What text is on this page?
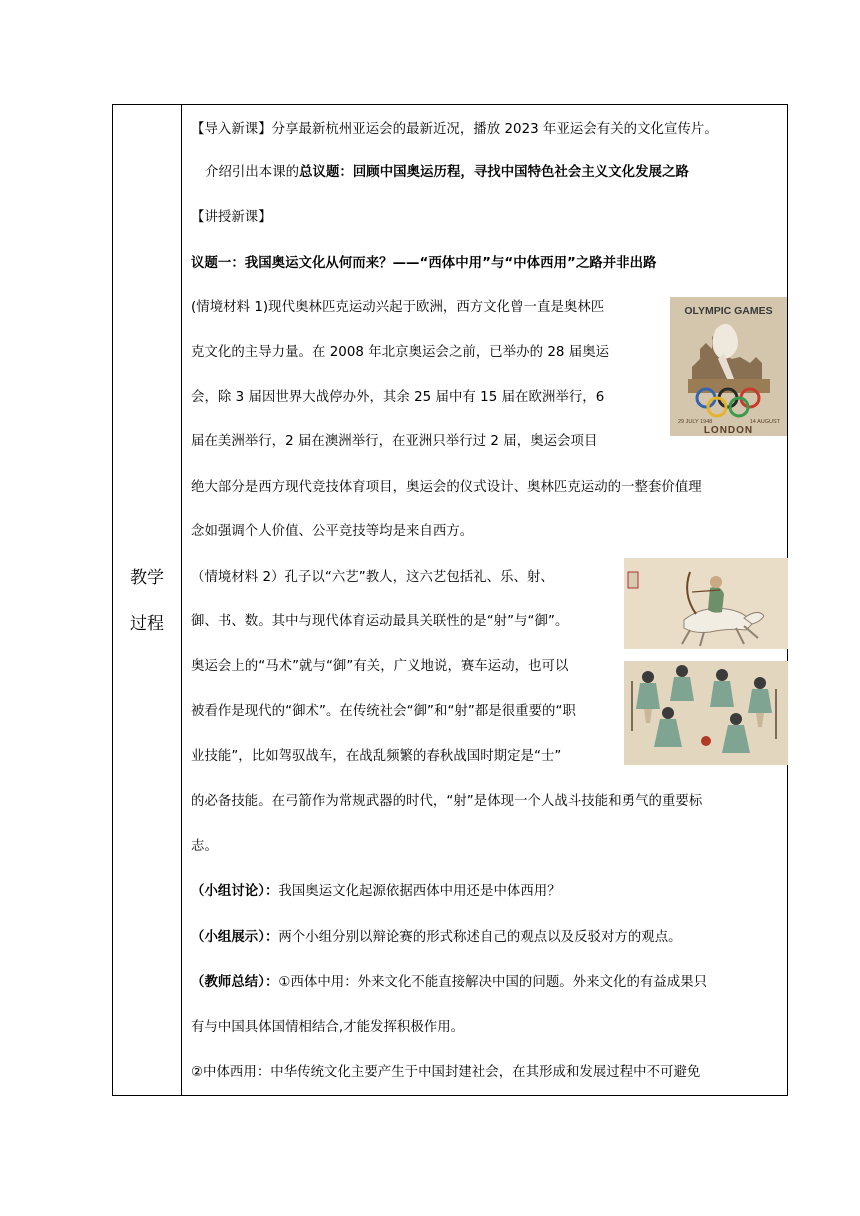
教学
过程
【导入新课】分享最新杭州亚运会的最新近况，播放 2023 年亚运会有关的文化宣传片。
介绍引出本课的总议题：回顾中国奥运历程，寻找中国特色社会主义文化发展之路
【讲授新课】
议题一：我国奥运文化从何而来？——“西体中用”与“中体西用”之路并非出路
(情境材料 1)现代奥林匹克运动兴起于欧洲，西方文化曾一直是奥林匹
克文化的主导力量。在 2008 年北京奥运会之前，已举办的 28 届奥运
会，除 3 届因世界大战停办外，其余 25 届中有 15 届在欧洲举行，6
届在美洲举行，2 届在澳洲举行，在亚洲只举行过 2 届，奥运会项目
绝大部分是西方现代竞技体育项目，奥运会的仪式设计、奥林匹克运动的一整套价值理
念如强调个人价值、公平竞技等均是来自西方。
OLYMPIC GAMES
29 JULY 1948	14 AUGUST
LONDON
（情境材料 2）孔子以“六艺”教人，这六艺包括礼、乐、射、
御、书、数。其中与现代体育运动最具关联性的是“射”与“御”。
奥运会上的“马术”就与“御”有关，广义地说，赛车运动，也可以
被看作是现代的“御术”。在传统社会“御”和“射”都是很重要的“职
业技能”，比如驾驭战车，在战乱频繁的春秋战国时期定是“士”
的必备技能。在弓箭作为常规武器的时代，“射”是体现一个人战斗技能和勇气的重要标
志。
（小组讨论）：我国奥运文化起源依据西体中用还是中体西用？
（小组展示）：两个小组分别以辩论赛的形式称述自己的观点以及反驳对方的观点。
（教师总结）：①西体中用：外来文化不能直接解决中国的问题。外来文化的有益成果只
有与中国具体国情相结合,才能发挥积极作用。
②中体西用：中华传统文化主要产生于中国封建社会，在其形成和发展过程中不可避免
